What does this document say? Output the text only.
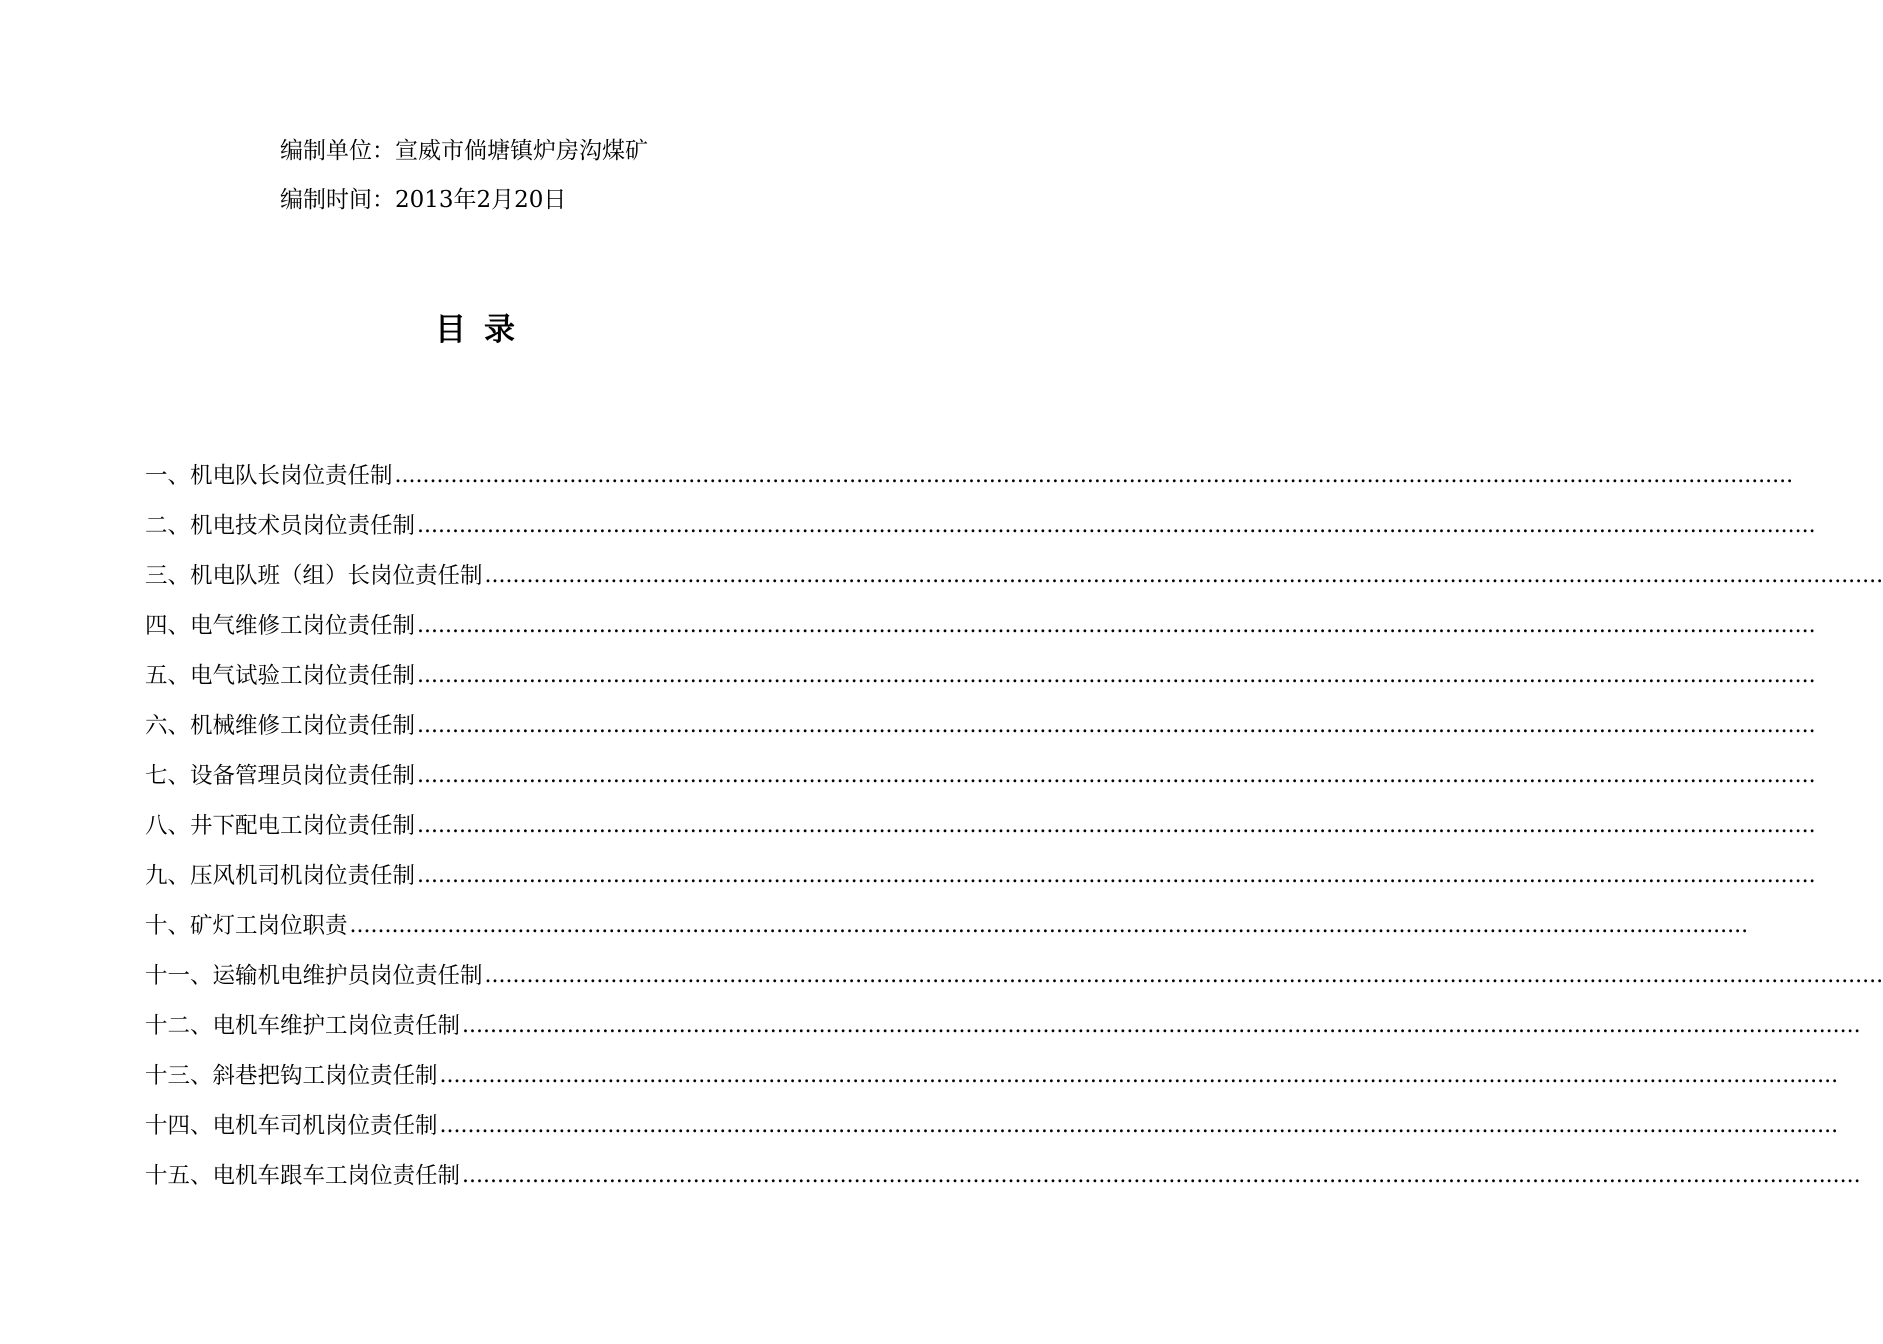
编制单位：宣威市倘塘镇炉房沟煤矿
编制时间：2013年2月20日
目录
一、机电队长岗位责任制 ........................................................................................................................................................................................................
二、机电技术员岗位责任制 ........................................................................................................................................................................................................
三、机电队班（组）长岗位责任制 ........................................................................................................................................................................................................
四、电气维修工岗位责任制 ........................................................................................................................................................................................................
五、电气试验工岗位责任制 ........................................................................................................................................................................................................
六、机械维修工岗位责任制 ........................................................................................................................................................................................................
七、设备管理员岗位责任制 ........................................................................................................................................................................................................
八、井下配电工岗位责任制 ........................................................................................................................................................................................................
九、压风机司机岗位责任制 ........................................................................................................................................................................................................
十、矿灯工岗位职责 ........................................................................................................................................................................................................
十一、运输机电维护员岗位责任制 ........................................................................................................................................................................................................
十二、电机车维护工岗位责任制 ........................................................................................................................................................................................................
十三、斜巷把钩工岗位责任制 ........................................................................................................................................................................................................
十四、电机车司机岗位责任制 ........................................................................................................................................................................................................
十五、电机车跟车工岗位责任制 ........................................................................................................................................................................................................
